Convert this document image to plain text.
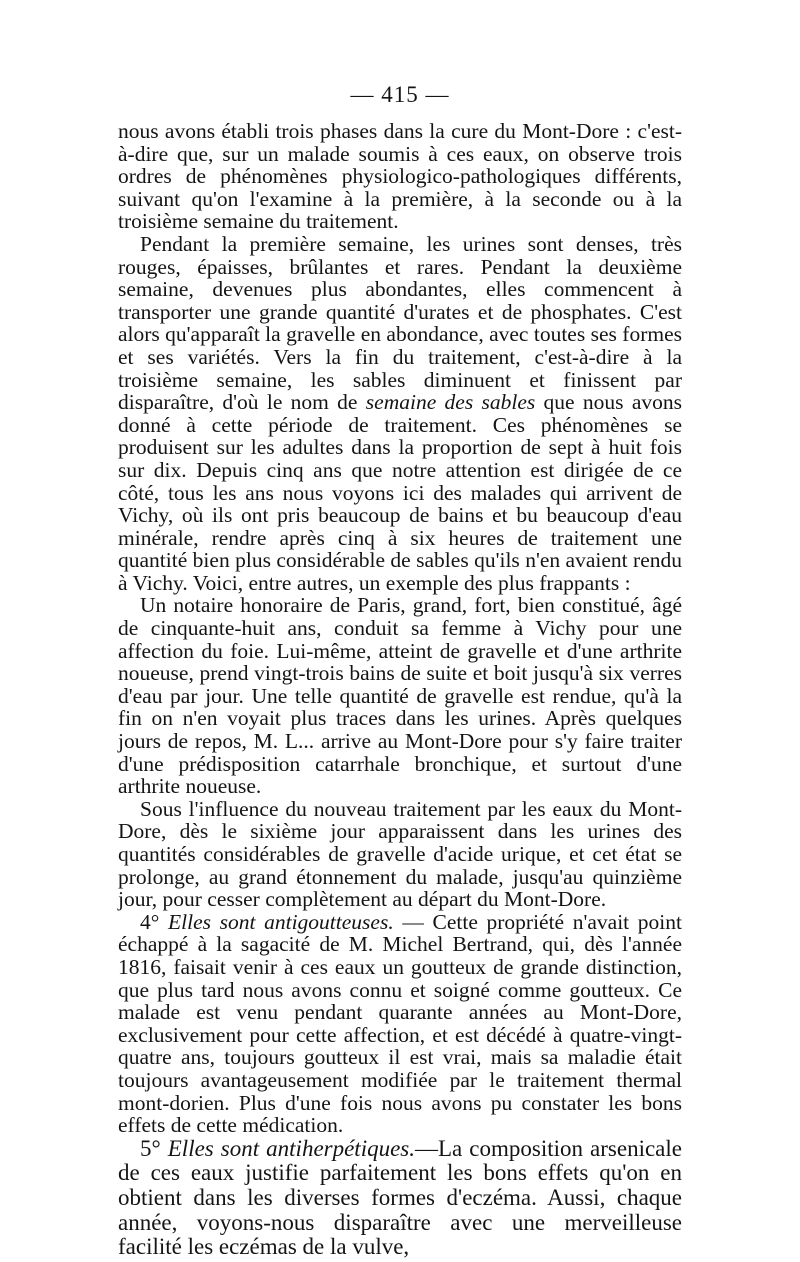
— 415 —

nous avons établi trois phases dans la cure du Mont-Dore : c'est-à-dire que, sur un malade soumis à ces eaux, on observe trois ordres de phénomènes physiologico-pathologiques différents, suivant qu'on l'examine à la première, à la seconde ou à la troisième semaine du traitement.

Pendant la première semaine, les urines sont denses, très rouges, épaisses, brûlantes et rares. Pendant la deuxième semaine, devenues plus abondantes, elles commencent à transporter une grande quantité d'urates et de phosphates. C'est alors qu'apparaît la gravelle en abondance, avec toutes ses formes et ses variétés. Vers la fin du traitement, c'est-à-dire à la troisième semaine, les sables diminuent et finissent par disparaître, d'où le nom de semaine des sables que nous avons donné à cette période de traitement. Ces phénomènes se produisent sur les adultes dans la proportion de sept à huit fois sur dix. Depuis cinq ans que notre attention est dirigée de ce côté, tous les ans nous voyons ici des malades qui arrivent de Vichy, où ils ont pris beaucoup de bains et bu beaucoup d'eau minérale, rendre après cinq à six heures de traitement une quantité bien plus considérable de sables qu'ils n'en avaient rendu à Vichy. Voici, entre autres, un exemple des plus frappants :

Un notaire honoraire de Paris, grand, fort, bien constitué, âgé de cinquante-huit ans, conduit sa femme à Vichy pour une affection du foie. Lui-même, atteint de gravelle et d'une arthrite noueuse, prend vingt-trois bains de suite et boit jusqu'à six verres d'eau par jour. Une telle quantité de gravelle est rendue, qu'à la fin on n'en voyait plus traces dans les urines. Après quelques jours de repos, M. L... arrive au Mont-Dore pour s'y faire traiter d'une prédisposition catarrhale bronchique, et surtout d'une arthrite noueuse.

Sous l'influence du nouveau traitement par les eaux du Mont-Dore, dès le sixième jour apparaissent dans les urines des quantités considérables de gravelle d'acide urique, et cet état se prolonge, au grand étonnement du malade, jusqu'au quinzième jour, pour cesser complètement au départ du Mont-Dore.

4° Elles sont antigoutteuses. — Cette propriété n'avait point échappé à la sagacité de M. Michel Bertrand, qui, dès l'année 1816, faisait venir à ces eaux un goutteux de grande distinction, que plus tard nous avons connu et soigné comme goutteux. Ce malade est venu pendant quarante années au Mont-Dore, exclusivement pour cette affection, et est décédé à quatre-vingt-quatre ans, toujours goutteux il est vrai, mais sa maladie était toujours avantageusement modifiée par le traitement thermal mont-dorien. Plus d'une fois nous avons pu constater les bons effets de cette médication.

5° Elles sont antiherpétiques.—La composition arsenicale de ces eaux justifie parfaitement les bons effets qu'on en obtient dans les diverses formes d'eczéma. Aussi, chaque année, voyons-nous disparaître avec une merveilleuse facilité les eczémas de la vulve,
